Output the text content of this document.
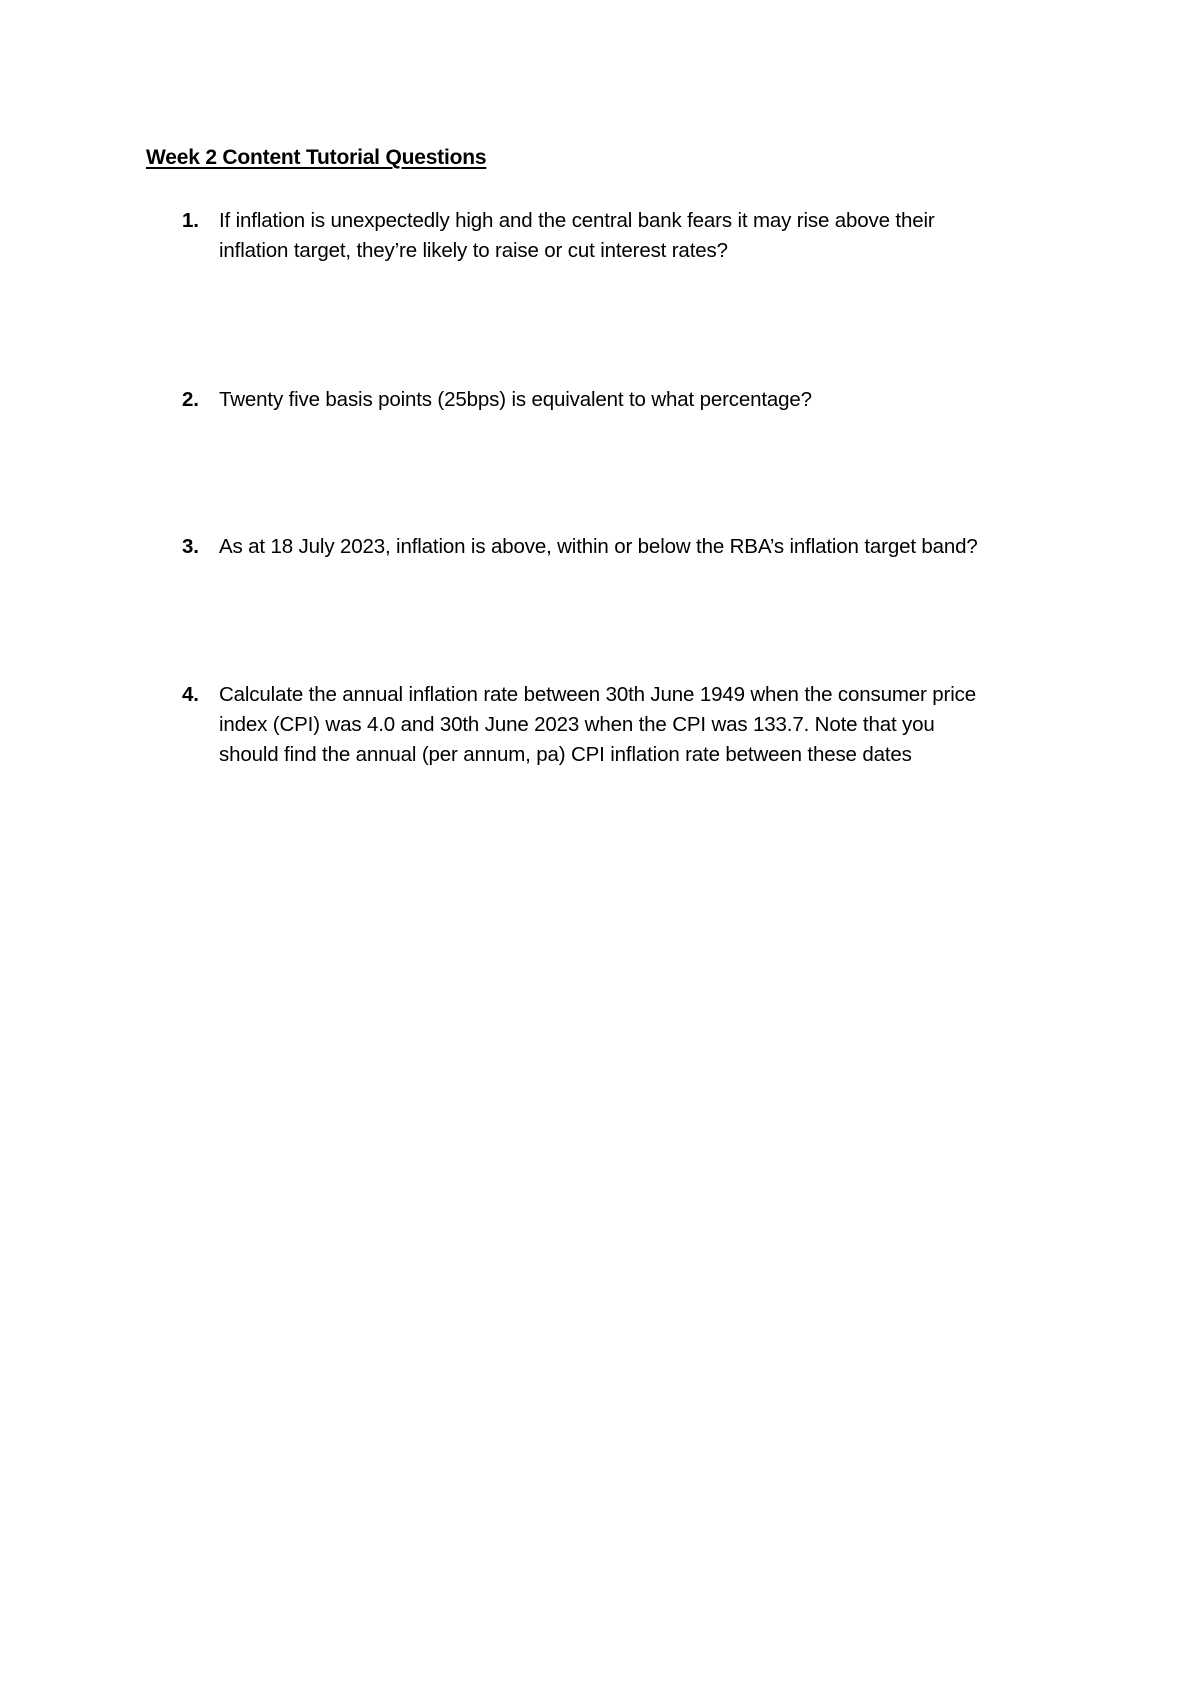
Week 2 Content Tutorial Questions
1. If inflation is unexpectedly high and the central bank fears it may rise above their
inflation target, they’re likely to raise or cut interest rates?
2. Twenty five basis points (25bps) is equivalent to what percentage?
3. As at 18 July 2023, inflation is above, within or below the RBA’s inflation target band?
4. Calculate the annual inflation rate between 30th June 1949 when the consumer price
index (CPI) was 4.0 and 30th June 2023 when the CPI was 133.7. Note that you
should find the annual (per annum, pa) CPI inflation rate between these dates
